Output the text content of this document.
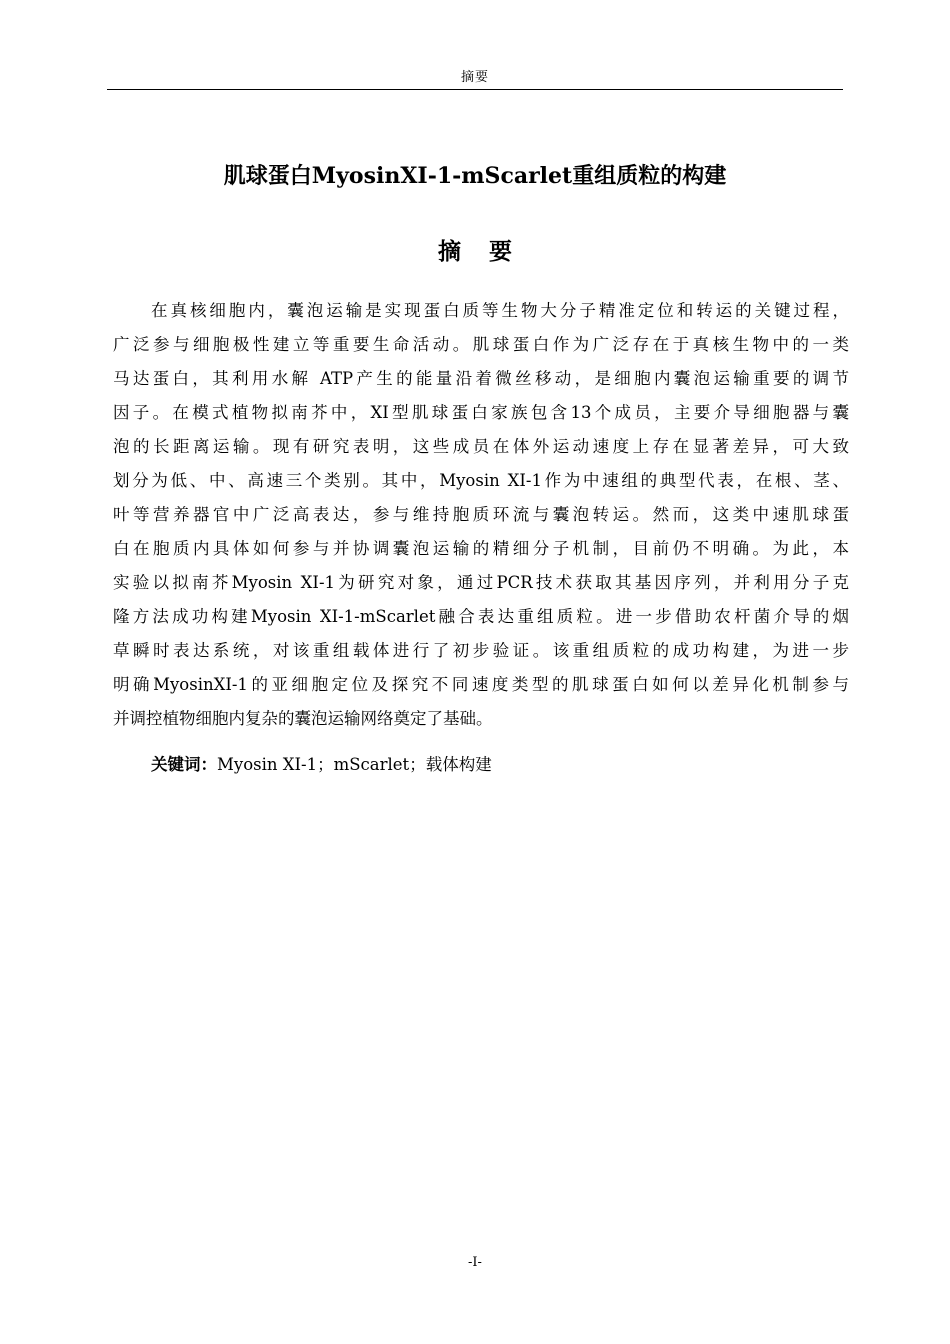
摘要
肌球蛋白MyosinXI-1-mScarlet重组质粒的构建
摘要
在真核细胞内，囊泡运输是实现蛋白质等生物大分子精准定位和转运的关键过程，
广泛参与细胞极性建立等重要生命活动。肌球蛋白作为广泛存在于真核生物中的一类
马达蛋白，其利用水解 ATP产生的能量沿着微丝移动，是细胞内囊泡运输重要的调节
因子。在模式植物拟南芥中，XI型肌球蛋白家族包含13个成员，主要介导细胞器与囊
泡的长距离运输。现有研究表明，这些成员在体外运动速度上存在显著差异，可大致
划分为低、中、高速三个类别。其中，Myosin XI-1作为中速组的典型代表，在根、茎、
叶等营养器官中广泛高表达，参与维持胞质环流与囊泡转运。然而，这类中速肌球蛋
白在胞质内具体如何参与并协调囊泡运输的精细分子机制，目前仍不明确。为此，本
实验以拟南芥Myosin XI-1为研究对象，通过PCR技术获取其基因序列，并利用分子克
隆方法成功构建Myosin XI-1-mScarlet融合表达重组质粒。进一步借助农杆菌介导的烟
草瞬时表达系统，对该重组载体进行了初步验证。该重组质粒的成功构建，为进一步
明确MyosinXI-1的亚细胞定位及探究不同速度类型的肌球蛋白如何以差异化机制参与
并调控植物细胞内复杂的囊泡运输网络奠定了基础。
关键词：Myosin XI-1；mScarlet；载体构建
-I-
